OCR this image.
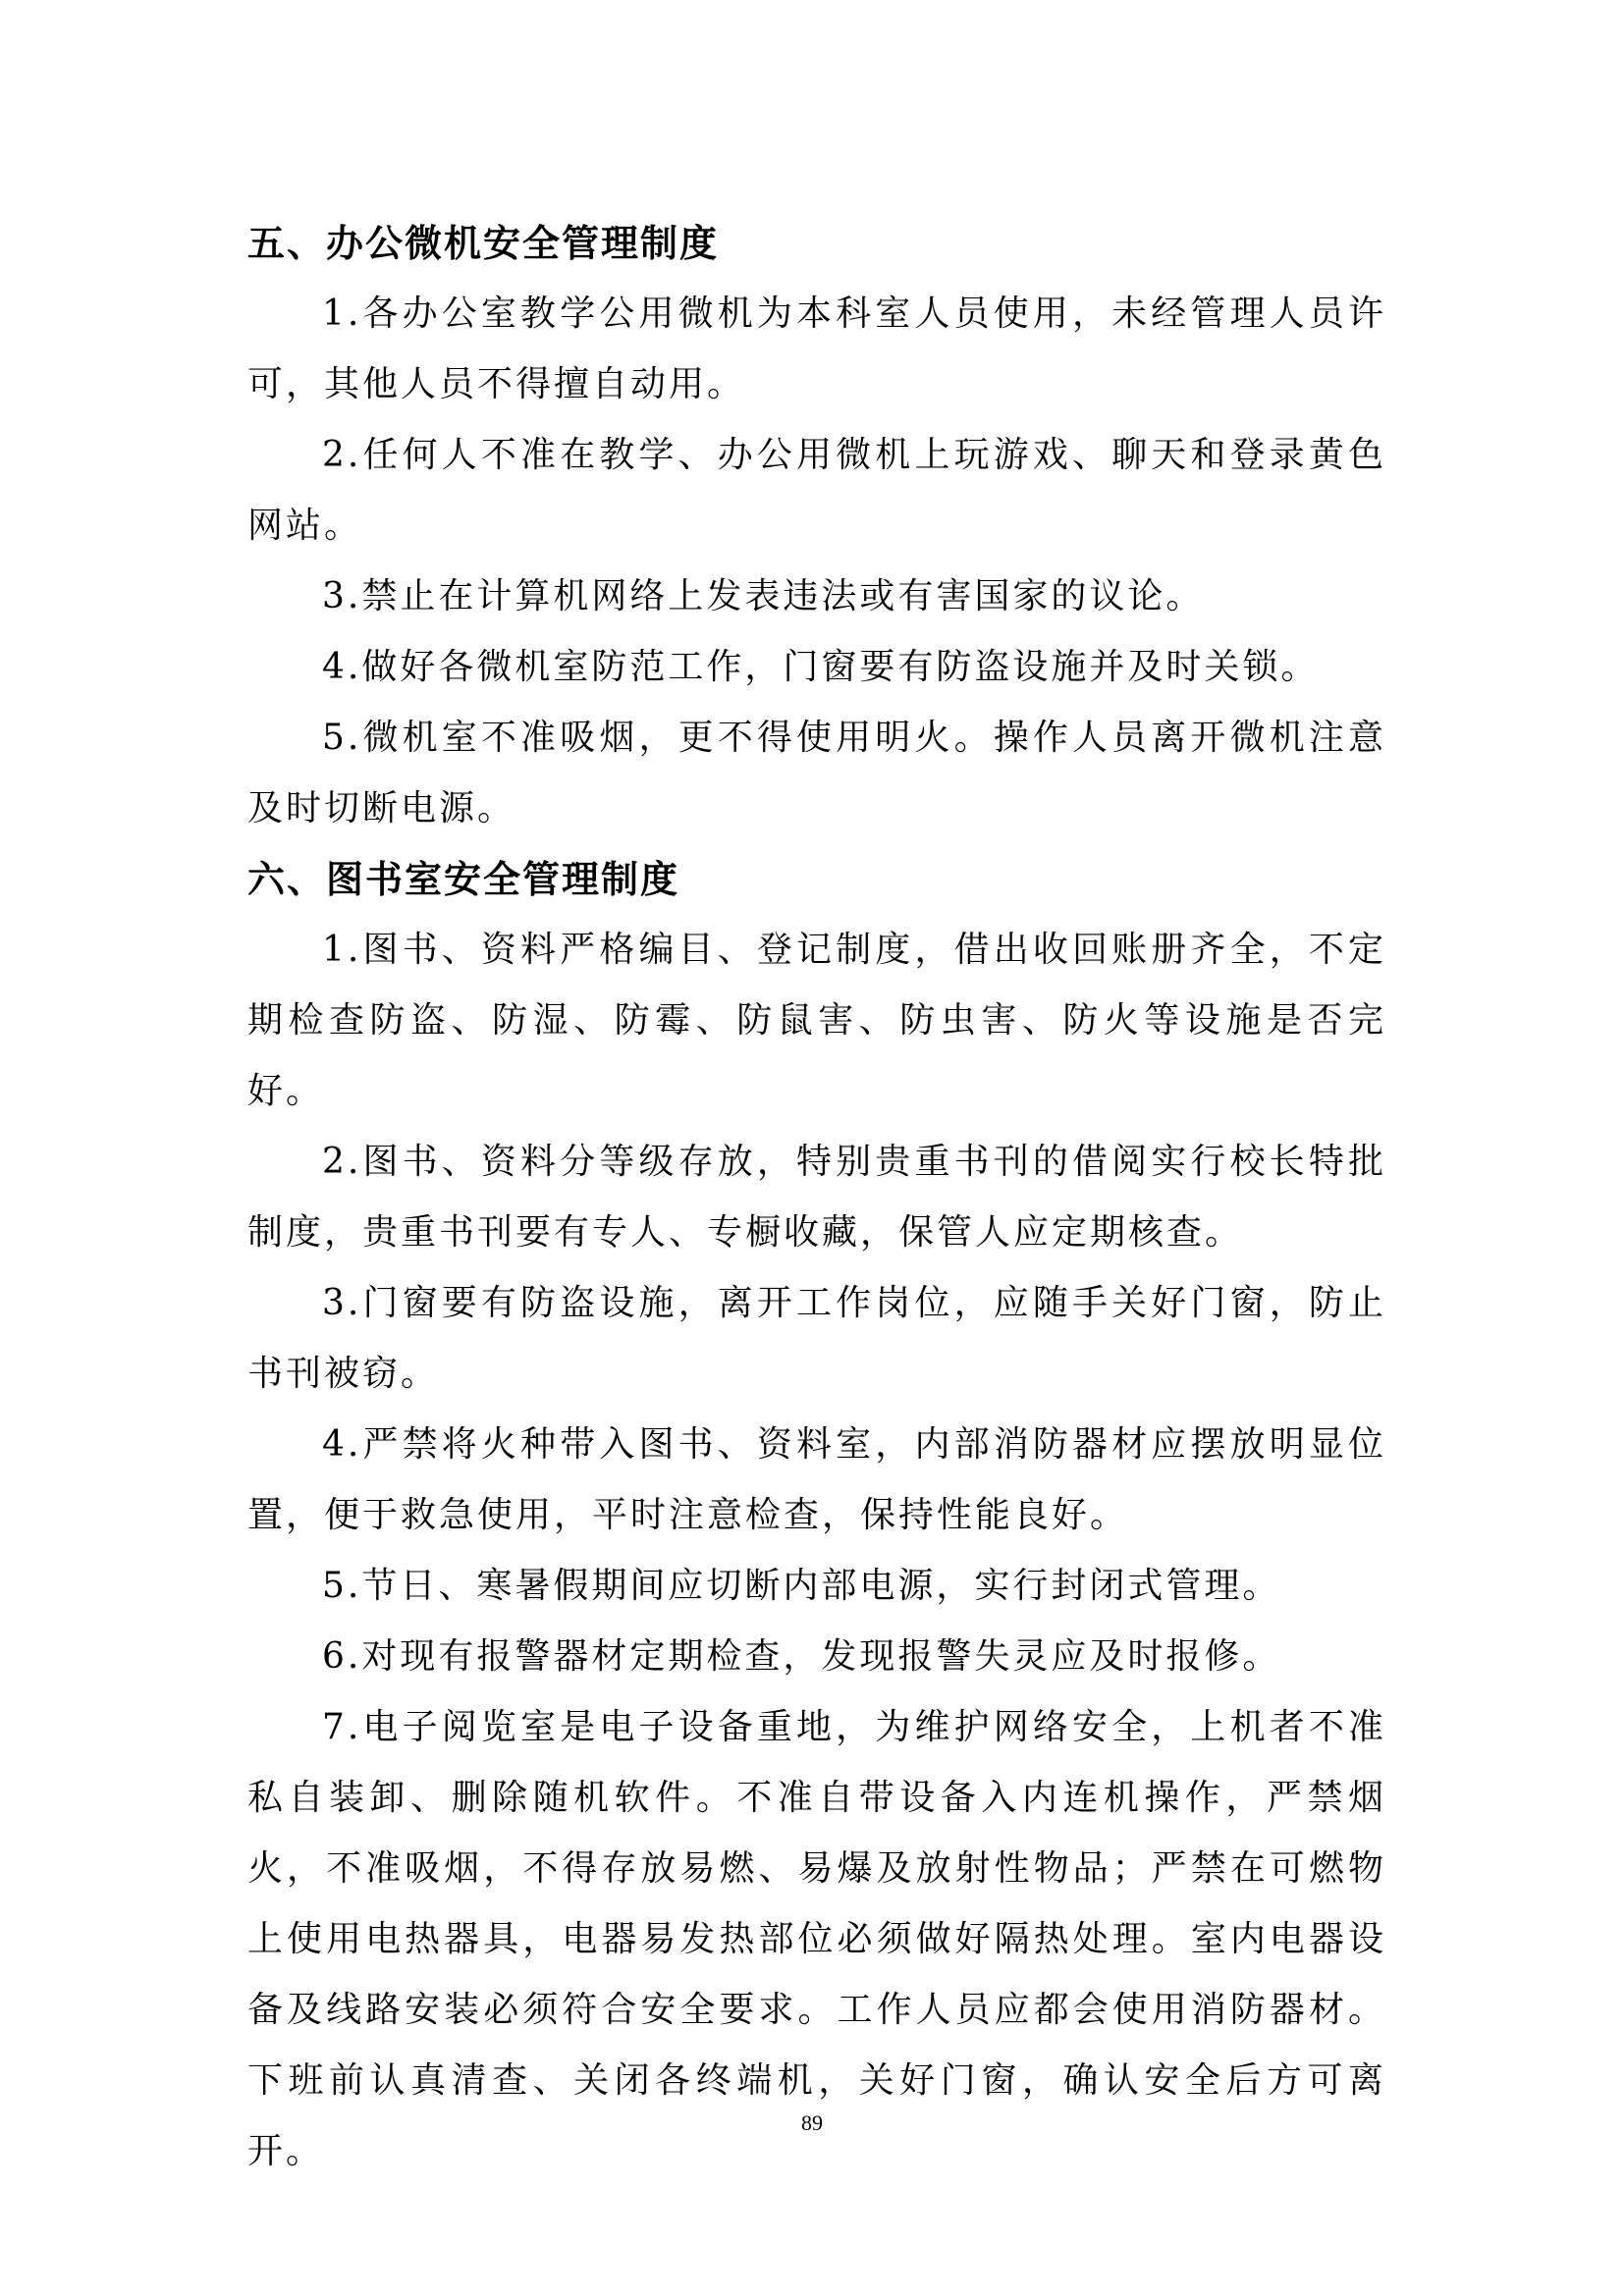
五、办公微机安全管理制度
1.各办公室教学公用微机为本科室人员使用，未经管理人员许可，其他人员不得擅自动用。
2.任何人不准在教学、办公用微机上玩游戏、聊天和登录黄色网站。
3.禁止在计算机网络上发表违法或有害国家的议论。
4.做好各微机室防范工作，门窗要有防盗设施并及时关锁。
5.微机室不准吸烟，更不得使用明火。操作人员离开微机注意及时切断电源。
六、图书室安全管理制度
1.图书、资料严格编目、登记制度，借出收回账册齐全，不定期检查防盗、防湿、防霉、防鼠害、防虫害、防火等设施是否完好。
2.图书、资料分等级存放，特别贵重书刊的借阅实行校长特批制度，贵重书刊要有专人、专橱收藏，保管人应定期核查。
3.门窗要有防盗设施，离开工作岗位，应随手关好门窗，防止书刊被窃。
4.严禁将火种带入图书、资料室，内部消防器材应摆放明显位置，便于救急使用，平时注意检查，保持性能良好。
5.节日、寒暑假期间应切断内部电源，实行封闭式管理。
6.对现有报警器材定期检查，发现报警失灵应及时报修。
7.电子阅览室是电子设备重地，为维护网络安全，上机者不准私自装卸、删除随机软件。不准自带设备入内连机操作，严禁烟火，不准吸烟，不得存放易燃、易爆及放射性物品；严禁在可燃物上使用电热器具，电器易发热部位必须做好隔热处理。室内电器设备及线路安装必须符合安全要求。工作人员应都会使用消防器材。下班前认真清查、关闭各终端机，关好门窗，确认安全后方可离开。
89
